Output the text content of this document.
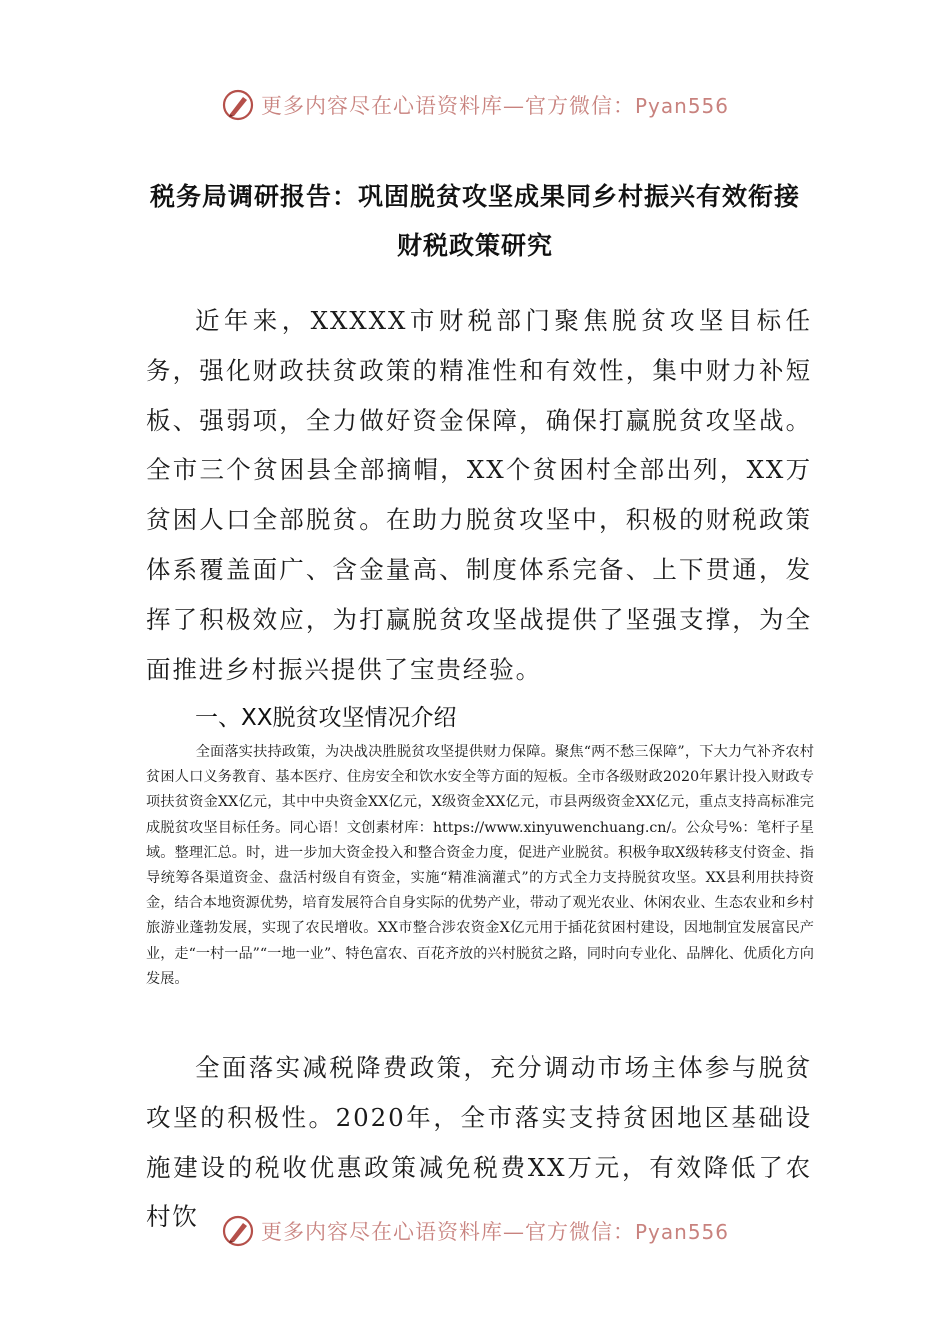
更多内容尽在心语资料库—官方微信：Pyan556
税务局调研报告：巩固脱贫攻坚成果同乡村振兴有效衔接
财税政策研究

近年来，XXXXX市财税部门聚焦脱贫攻坚目标任务，强化财政扶贫政策的精准性和有效性，集中财力补短板、强弱项，全力做好资金保障，确保打赢脱贫攻坚战。全市三个贫困县全部摘帽，XX个贫困村全部出列，XX万贫困人口全部脱贫。在助力脱贫攻坚中，积极的财税政策体系覆盖面广、含金量高、制度体系完备、上下贯通，发挥了积极效应，为打赢脱贫攻坚战提供了坚强支撑，为全面推进乡村振兴提供了宝贵经验。

一、XX脱贫攻坚情况介绍

全面落实扶持政策，为决战决胜脱贫攻坚提供财力保障。聚焦“两不愁三保障”，下大力气补齐农村贫困人口义务教育、基本医疗、住房安全和饮水安全等方面的短板。全市各级财政2020年累计投入财政专项扶贫资金XX亿元，其中中央资金XX亿元，X级资金XX亿元，市县两级资金XX亿元，重点支持高标准完成脱贫攻坚目标任务。同心语！文创素材库：https://www.xinyuwenchuang.cn/。公众号%：笔杆子星域。整理汇总。时，进一步加大资金投入和整合资金力度，促进产业脱贫。积极争取X级转移支付资金、指导统筹各渠道资金、盘活村级自有资金，实施“精准滴灌式”的方式全力支持脱贫攻坚。XX县利用扶持资金，结合本地资源优势，培育发展符合自身实际的优势产业，带动了观光农业、休闲农业、生态农业和乡村旅游业蓬勃发展，实现了农民增收。XX市整合涉农资金X亿元用于插花贫困村建设，因地制宜发展富民产业，走“一村一品”“一地一业”、特色富农、百花齐放的兴村脱贫之路，同时向专业化、品牌化、优质化方向发展。

全面落实减税降费政策，充分调动市场主体参与脱贫攻坚的积极性。2020年，全市落实支持贫困地区基础设施建设的税收优惠政策减免税费XX万元，有效降低了农村饮

更多内容尽在心语资料库—官方微信：Pyan556
